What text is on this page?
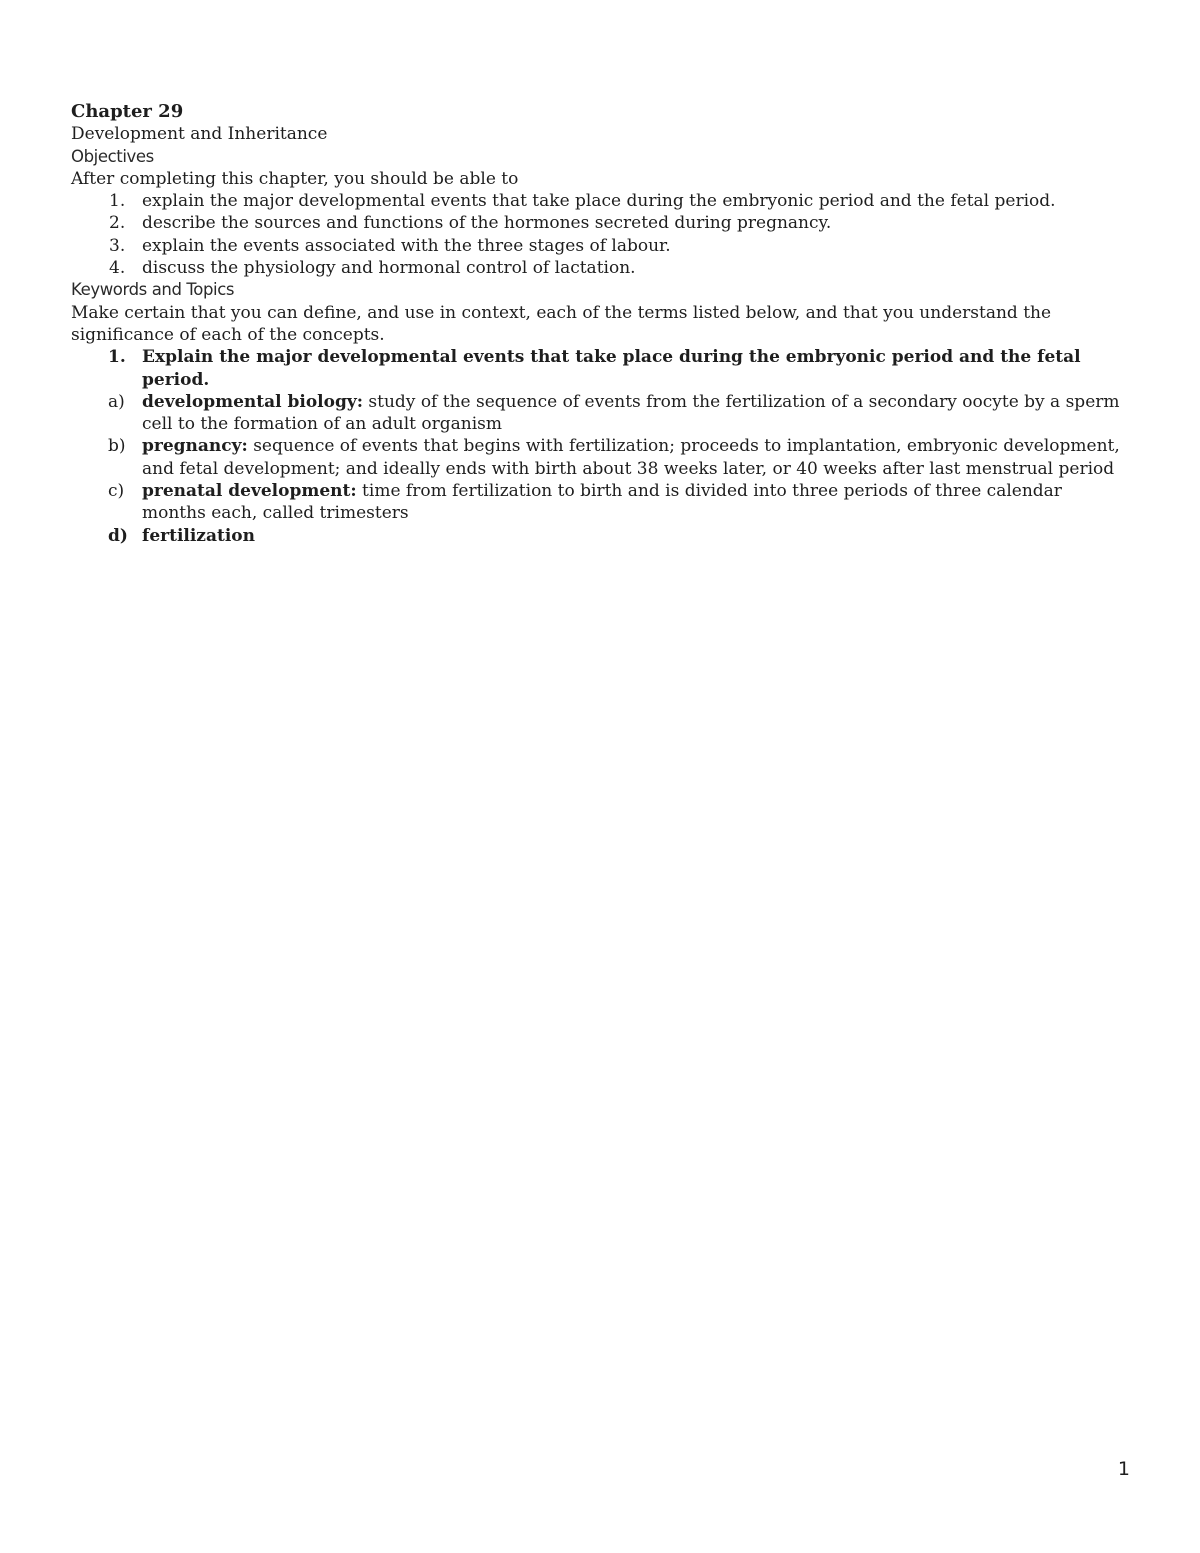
Chapter 29
Development and Inheritance
Objectives
After completing this chapter, you should be able to
1. explain the major developmental events that take place during the embryonic period and the fetal period.
2. describe the sources and functions of the hormones secreted during pregnancy.
3. explain the events associated with the three stages of labour.
4. discuss the physiology and hormonal control of lactation.
Keywords and Topics
Make certain that you can define, and use in context, each of the terms listed below, and that you understand the significance of each of the concepts.
1. Explain the major developmental events that take place during the embryonic period and the fetal period.
a) developmental biology: study of the sequence of events from the fertilization of a secondary oocyte by a sperm cell to the formation of an adult organism
b) pregnancy: sequence of events that begins with fertilization; proceeds to implantation, embryonic development, and fetal development; and ideally ends with birth about 38 weeks later, or 40 weeks after last menstrual period
c) prenatal development: time from fertilization to birth and is divided into three periods of three calendar months each, called trimesters
d) fertilization
1
